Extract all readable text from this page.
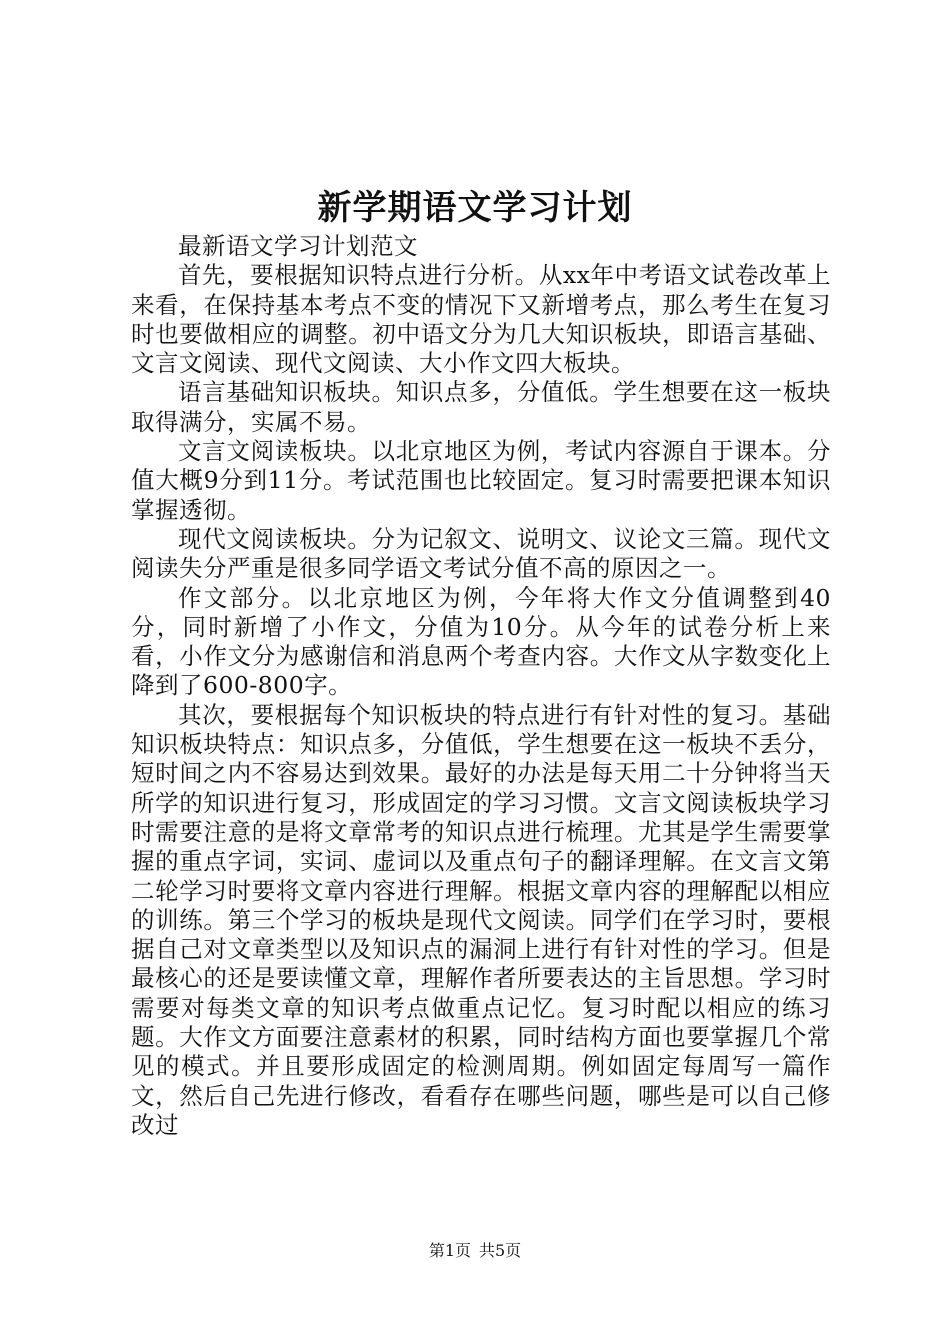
新学期语文学习计划

最新语文学习计划范文

首先，要根据知识特点进行分析。从xx年中考语文试卷改革上来看，在保持基本考点不变的情况下又新增考点，那么考生在复习时也要做相应的调整。初中语文分为几大知识板块，即语言基础、文言文阅读、现代文阅读、大小作文四大板块。

语言基础知识板块。知识点多，分值低。学生想要在这一板块取得满分，实属不易。

文言文阅读板块。以北京地区为例，考试内容源自于课本。分值大概9分到11分。考试范围也比较固定。复习时需要把课本知识掌握透彻。

现代文阅读板块。分为记叙文、说明文、议论文三篇。现代文阅读失分严重是很多同学语文考试分值不高的原因之一。

作文部分。以北京地区为例，今年将大作文分值调整到40分，同时新增了小作文，分值为10分。从今年的试卷分析上来看，小作文分为感谢信和消息两个考查内容。大作文从字数变化上降到了600-800字。

其次，要根据每个知识板块的特点进行有针对性的复习。基础知识板块特点：知识点多，分值低，学生想要在这一板块不丢分，短时间之内不容易达到效果。最好的办法是每天用二十分钟将当天所学的知识进行复习，形成固定的学习习惯。文言文阅读板块学习时需要注意的是将文章常考的知识点进行梳理。尤其是学生需要掌握的重点字词，实词、虚词以及重点句子的翻译理解。在文言文第二轮学习时要将文章内容进行理解。根据文章内容的理解配以相应的训练。第三个学习的板块是现代文阅读。同学们在学习时，要根据自己对文章类型以及知识点的漏洞上进行有针对性的学习。但是最核心的还是要读懂文章，理解作者所要表达的主旨思想。学习时需要对每类文章的知识考点做重点记忆。复习时配以相应的练习题。大作文方面要注意素材的积累，同时结构方面也要掌握几个常见的模式。并且要形成固定的检测周期。例如固定每周写一篇作文，然后自己先进行修改，看看存在哪些问题，哪些是可以自己修改过

第1页 共5页
